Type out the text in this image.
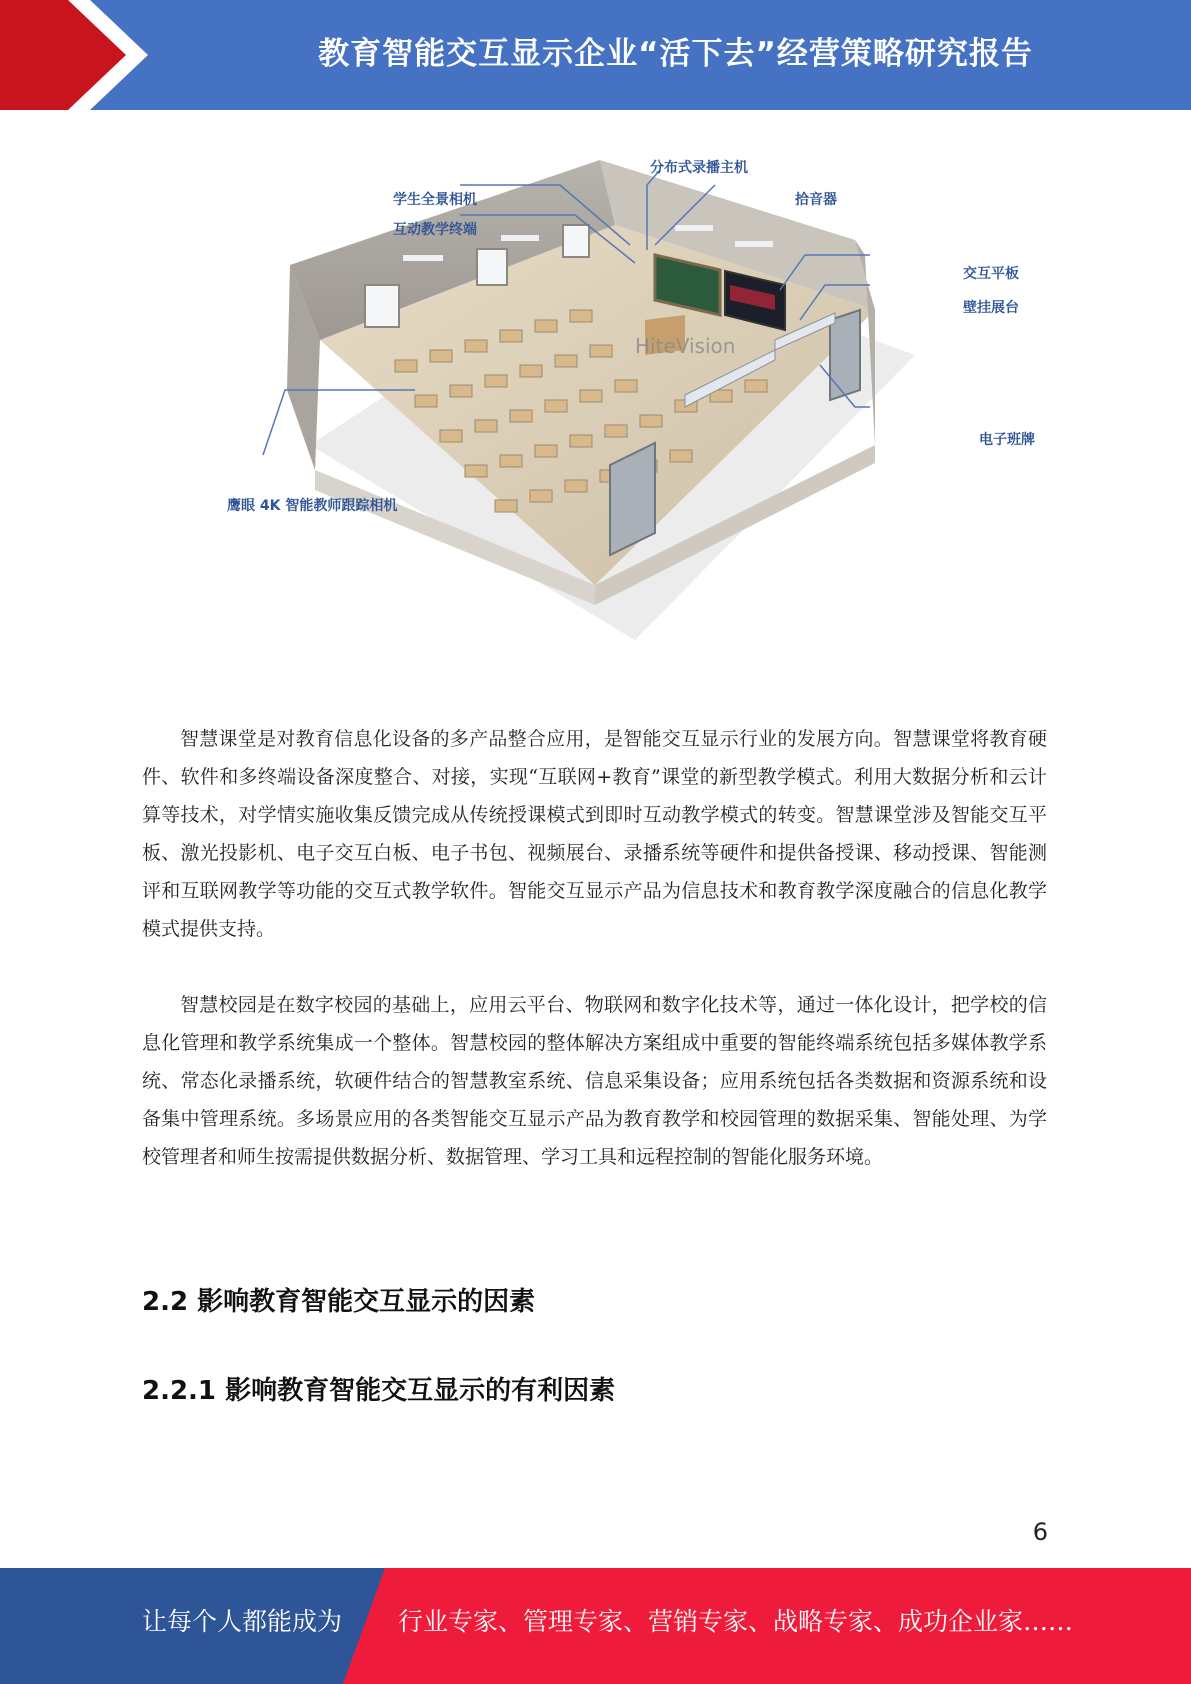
教育智能交互显示企业“活下去”经营策略研究报告
HiteVision
分布式录播主机
学生全景相机	拾音器
互动教学终端
交互平板
壁挂展台
电子班牌
鹰眼 4K 智能教师跟踪相机

智慧课堂是对教育信息化设备的多产品整合应用，是智能交互显示行业的发展方向。智慧课堂将教育硬件、软件和多终端设备深度整合、对接，实现“互联网+教育”课堂的新型教学模式。利用大数据分析和云计算等技术，对学情实施收集反馈完成从传统授课模式到即时互动教学模式的转变。智慧课堂涉及智能交互平板、激光投影机、电子交互白板、电子书包、视频展台、录播系统等硬件和提供备授课、移动授课、智能测评和互联网教学等功能的交互式教学软件。智能交互显示产品为信息技术和教育教学深度融合的信息化教学模式提供支持。

智慧校园是在数字校园的基础上，应用云平台、物联网和数字化技术等，通过一体化设计，把学校的信息化管理和教学系统集成一个整体。智慧校园的整体解决方案组成中重要的智能终端系统包括多媒体教学系统、常态化录播系统，软硬件结合的智慧教室系统、信息采集设备；应用系统包括各类数据和资源系统和设备集中管理系统。多场景应用的各类智能交互显示产品为教育教学和校园管理的数据采集、智能处理、为学校管理者和师生按需提供数据分析、数据管理、学习工具和远程控制的智能化服务环境。

2.2 影响教育智能交互显示的因素
2.2.1 影响教育智能交互显示的有利因素
6
让每个人都能成为 行业专家、管理专家、营销专家、战略专家、成功企业家……
